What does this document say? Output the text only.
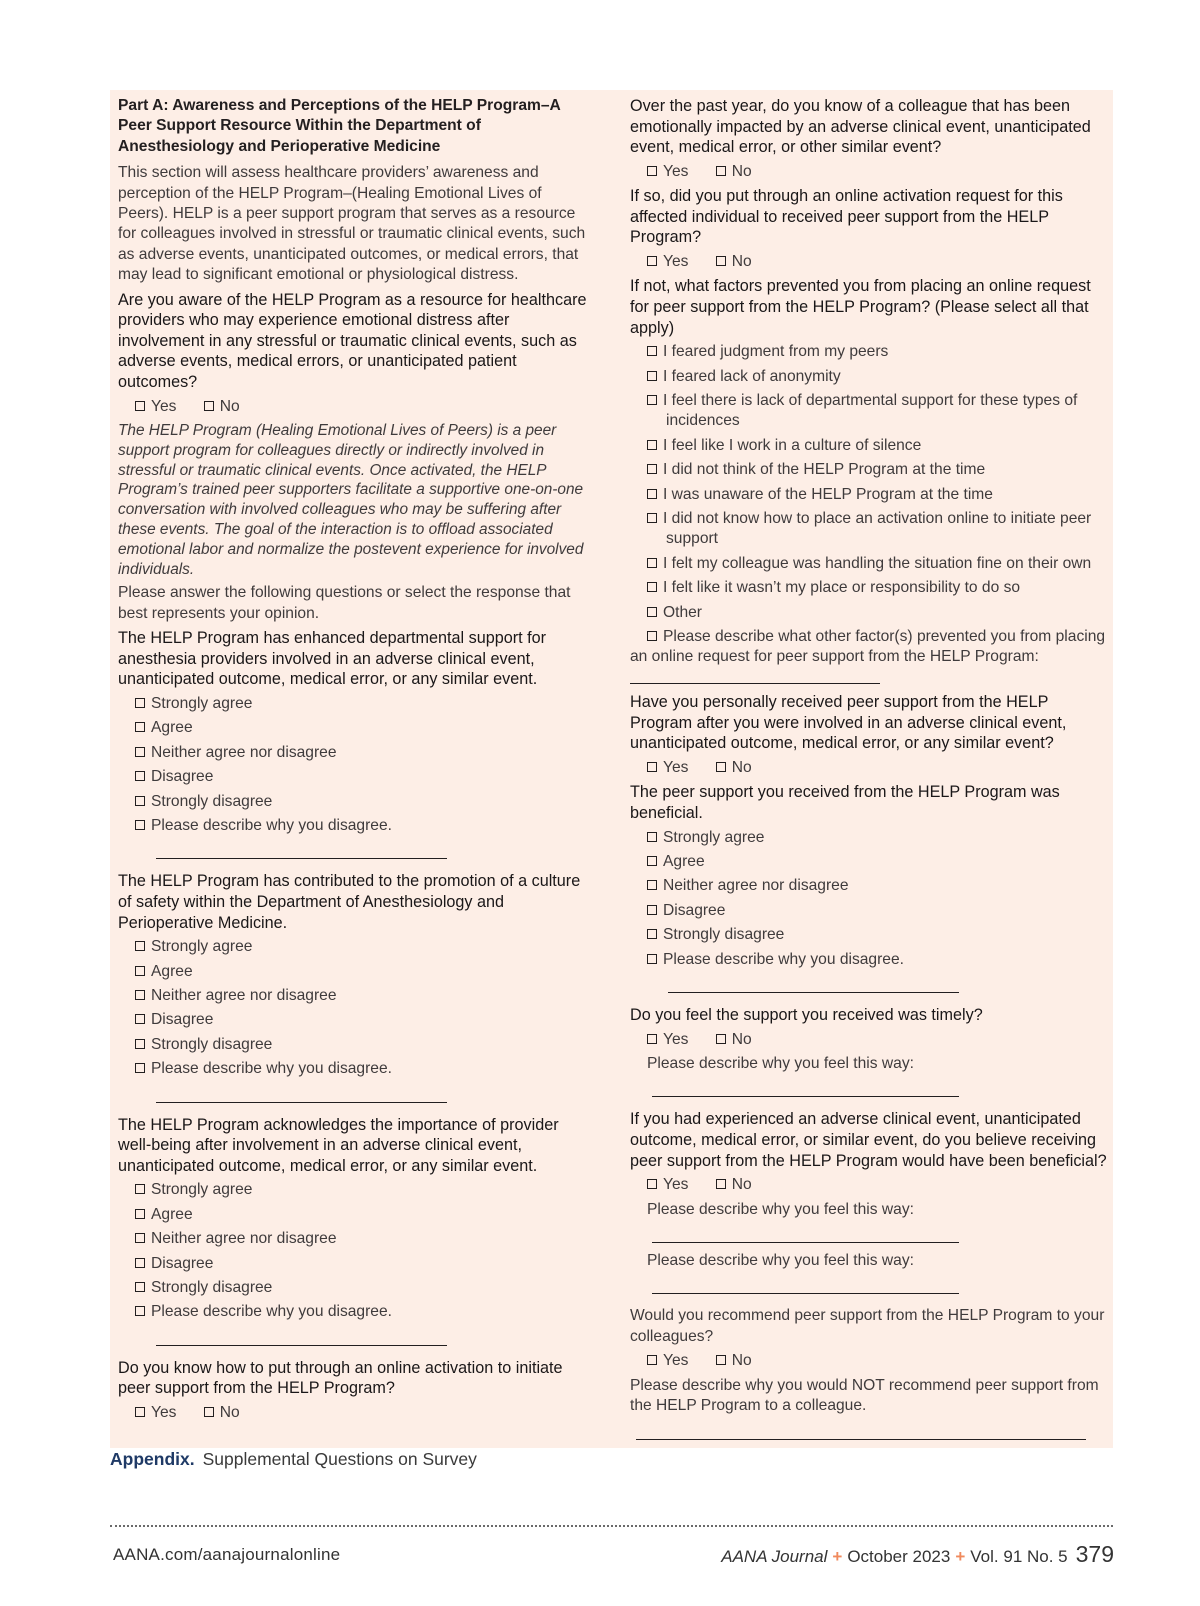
Part A: Awareness and Perceptions of the HELP Program–A Peer Support Resource Within the Department of Anesthesiology and Perioperative Medicine
This section will assess healthcare providers’ awareness and perception of the HELP Program–(Healing Emotional Lives of Peers). HELP is a peer support program that serves as a resource for colleagues involved in stressful or traumatic clinical events, such as adverse events, unanticipated outcomes, or medical errors, that may lead to significant emotional or physiological distress.
Are you aware of the HELP Program as a resource for healthcare providers who may experience emotional distress after involvement in any stressful or traumatic clinical events, such as adverse events, medical errors, or unanticipated patient outcomes?
Yes	No
The HELP Program (Healing Emotional Lives of Peers) is a peer support program for colleagues directly or indirectly involved in stressful or traumatic clinical events. Once activated, the HELP Program’s trained peer supporters facilitate a supportive one-on-one conversation with involved colleagues who may be suffering after these events. The goal of the interaction is to offload associated emotional labor and normalize the postevent experience for involved individuals.
Please answer the following questions or select the response that best represents your opinion.
The HELP Program has enhanced departmental support for anesthesia providers involved in an adverse clinical event, unanticipated outcome, medical error, or any similar event.
Strongly agree
Agree
Neither agree nor disagree
Disagree
Strongly disagree
Please describe why you disagree.
The HELP Program has contributed to the promotion of a culture of safety within the Department of Anesthesiology and Perioperative Medicine.
Strongly agree
Agree
Neither agree nor disagree
Disagree
Strongly disagree
Please describe why you disagree.
The HELP Program acknowledges the importance of provider well-being after involvement in an adverse clinical event, unanticipated outcome, medical error, or any similar event.
Strongly agree
Agree
Neither agree nor disagree
Disagree
Strongly disagree
Please describe why you disagree.
Do you know how to put through an online activation to initiate peer support from the HELP Program?
Yes	No
Over the past year, do you know of a colleague that has been emotionally impacted by an adverse clinical event, unanticipated event, medical error, or other similar event?
Yes	No
If so, did you put through an online activation request for this affected individual to received peer support from the HELP Program?
Yes	No
If not, what factors prevented you from placing an online request for peer support from the HELP Program? (Please select all that apply)
I feared judgment from my peers
I feared lack of anonymity
I feel there is lack of departmental support for these types of incidences
I feel like I work in a culture of silence
I did not think of the HELP Program at the time
I was unaware of the HELP Program at the time
I did not know how to place an activation online to initiate peer support
I felt my colleague was handling the situation fine on their own
I felt like it wasn’t my place or responsibility to do so
Other
Please describe what other factor(s) prevented you from placing an online request for peer support from the HELP Program:
Have you personally received peer support from the HELP Program after you were involved in an adverse clinical event, unanticipated outcome, medical error, or any similar event?
Yes	No
The peer support you received from the HELP Program was beneficial.
Strongly agree
Agree
Neither agree nor disagree
Disagree
Strongly disagree
Please describe why you disagree.
Do you feel the support you received was timely?
Yes	No
Please describe why you feel this way:
If you had experienced an adverse clinical event, unanticipated outcome, medical error, or similar event, do you believe receiving peer support from the HELP Program would have been beneficial?
Yes	No
Please describe why you feel this way:
Please describe why you feel this way:
Would you recommend peer support from the HELP Program to your colleagues?
Yes	No
Please describe why you would NOT recommend peer support from the HELP Program to a colleague.
Appendix. Supplemental Questions on Survey
AANA.com/aanajournalonline	AANA Journal + October 2023 + Vol. 91 No. 5 379
